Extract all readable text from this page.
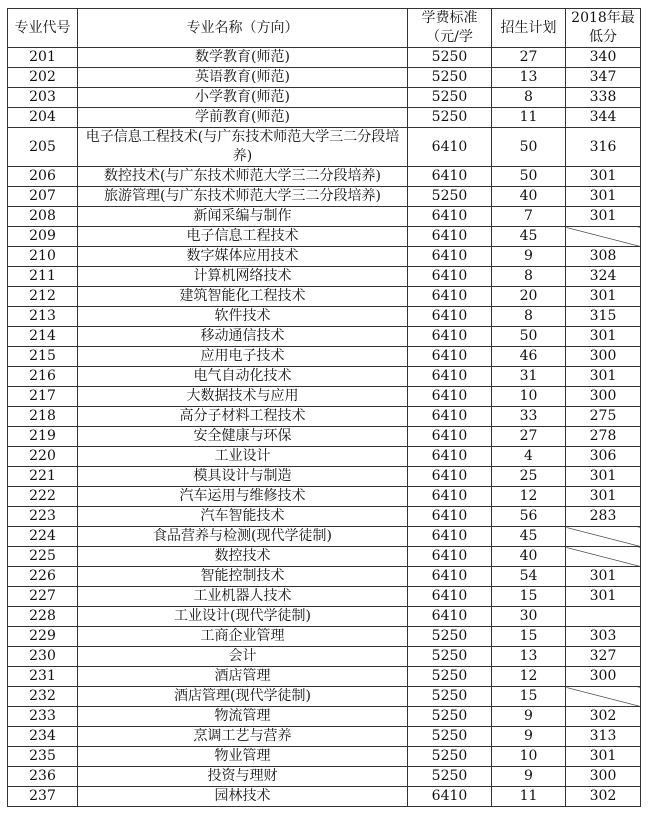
专业代号	专业名称（方向）	学费标准（元/学	招生计划	2018年最低分
201	数学教育(师范)	5250	27	340
202	英语教育(师范)	5250	13	347
203	小学教育(师范)	5250	8	338
204	学前教育(师范)	5250	11	344
205	电子信息工程技术(与广东技术师范大学三二分段培养)	6410	50	316
206	数控技术(与广东技术师范大学三二分段培养)	6410	50	301
207	旅游管理(与广东技术师范大学三二分段培养)	5250	40	301
208	新闻采编与制作	6410	7	301
209	电子信息工程技术	6410	45	
210	数字媒体应用技术	6410	9	308
211	计算机网络技术	6410	8	324
212	建筑智能化工程技术	6410	20	301
213	软件技术	6410	8	315
214	移动通信技术	6410	50	301
215	应用电子技术	6410	46	300
216	电气自动化技术	6410	31	301
217	大数据技术与应用	6410	10	300
218	高分子材料工程技术	6410	33	275
219	安全健康与环保	6410	27	278
220	工业设计	6410	4	306
221	模具设计与制造	6410	25	301
222	汽车运用与维修技术	6410	12	301
223	汽车智能技术	6410	56	283
224	食品营养与检测(现代学徒制)	6410	45	
225	数控技术	6410	40	
226	智能控制技术	6410	54	301
227	工业机器人技术	6410	15	301
228	工业设计(现代学徒制)	6410	30	
229	工商企业管理	5250	15	303
230	会计	5250	13	327
231	酒店管理	5250	12	300
232	酒店管理(现代学徒制)	5250	15	
233	物流管理	5250	9	302
234	烹调工艺与营养	5250	9	313
235	物业管理	5250	10	301
236	投资与理财	5250	9	300
237	园林技术	6410	11	302
